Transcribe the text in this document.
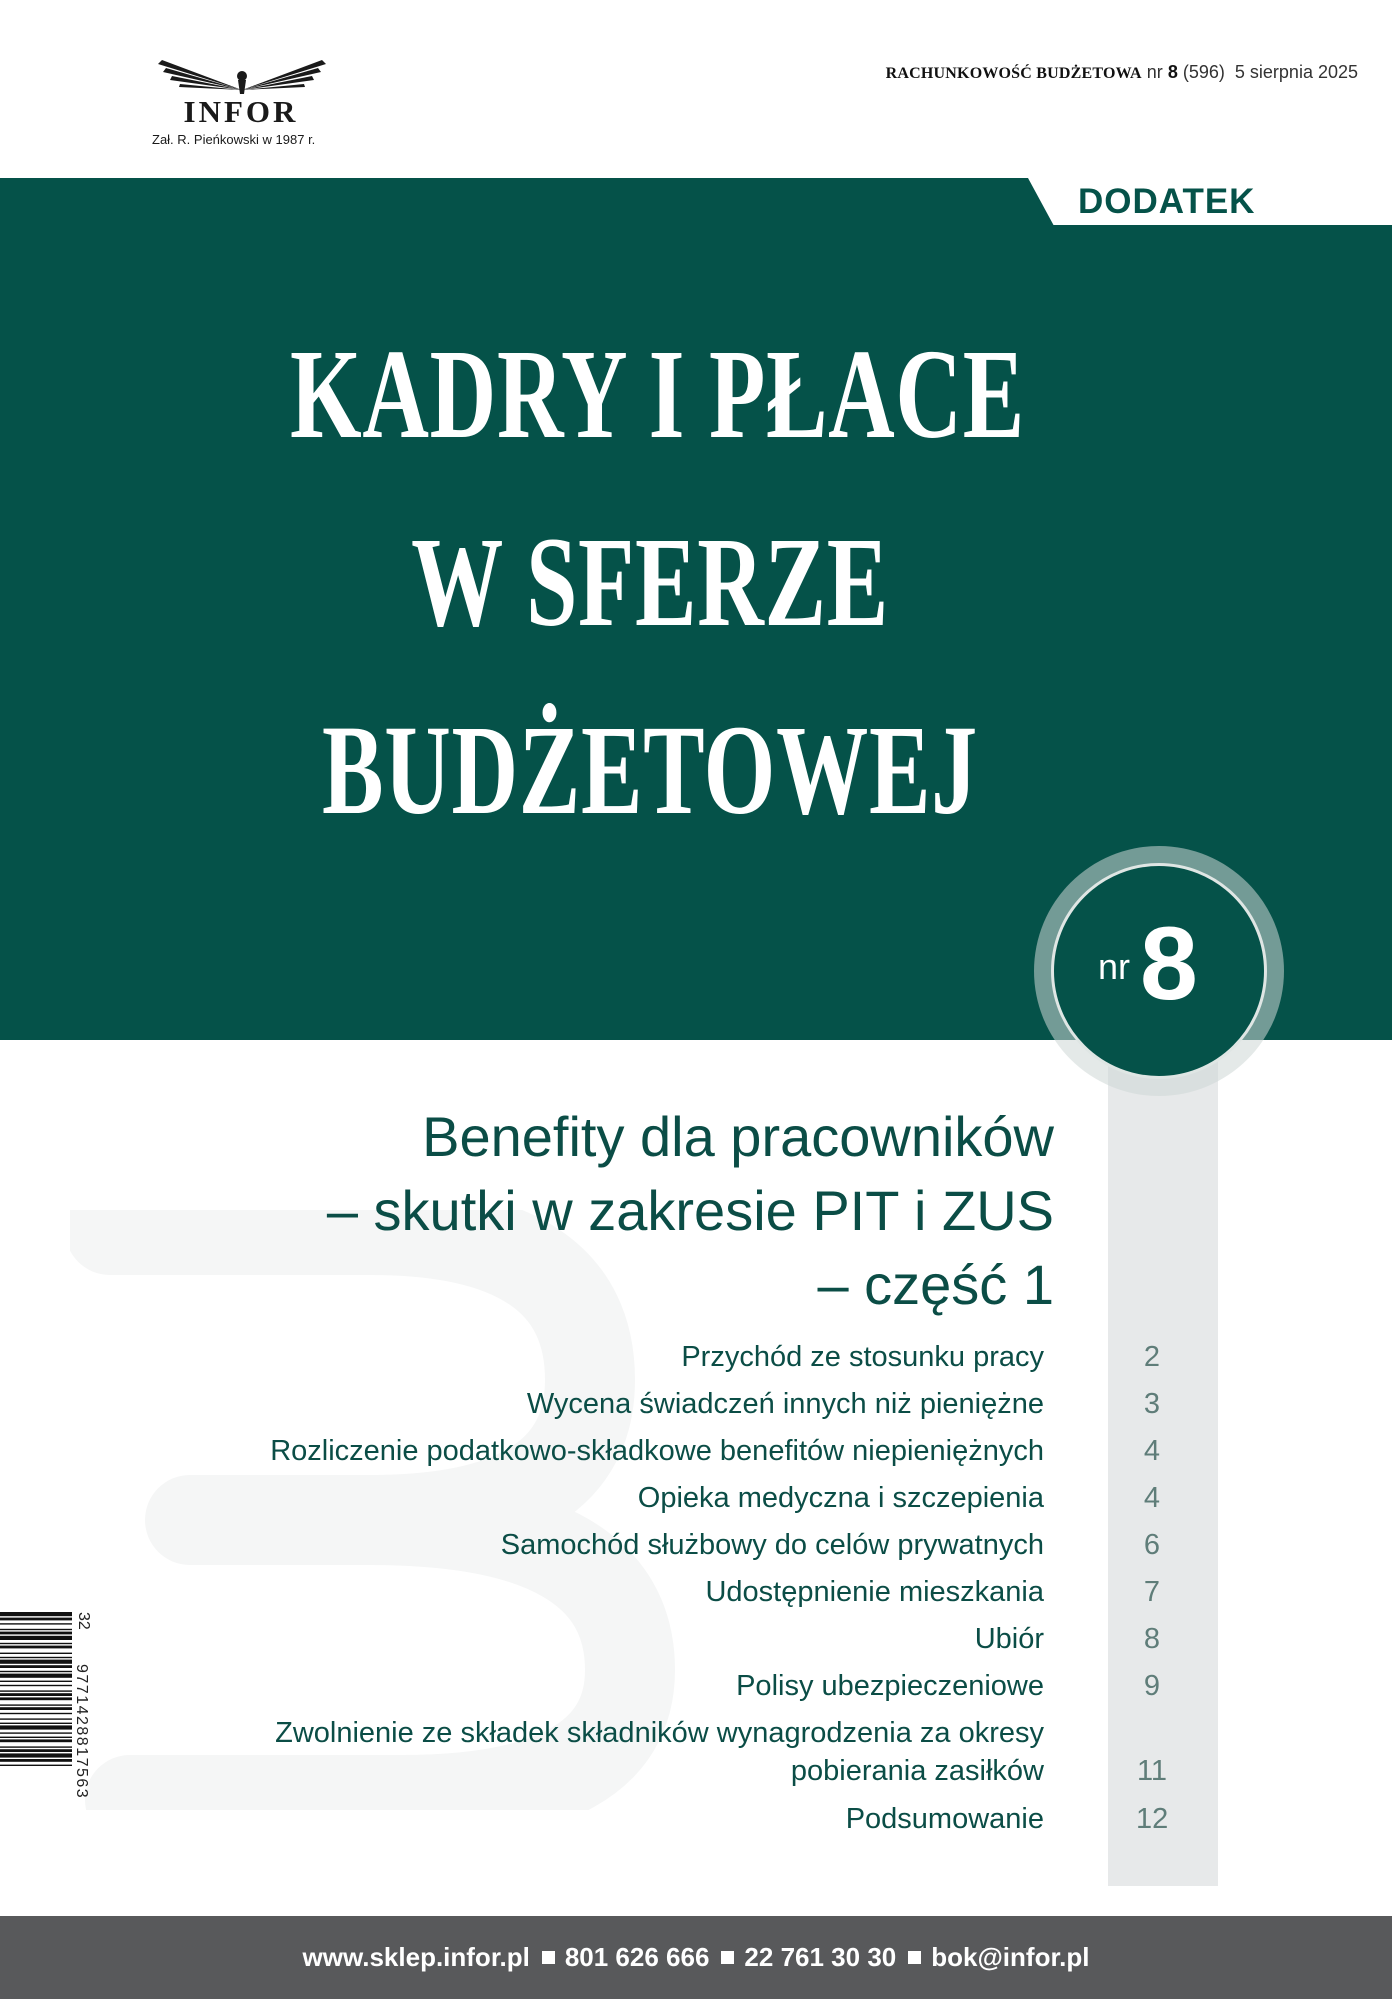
INFOR
Zał. R. Pieńkowski w 1987 r.
RACHUNKOWOŚĆ BUDŻETOWA nr 8 (596) 5 sierpnia 2025
DODATEK
KADRY I PŁACE
W SFERZE
BUDŻETOWEJ
nr 8
Benefity dla pracowników
– skutki w zakresie PIT i ZUS
– część 1
Przychód ze stosunku pracy	2
Wycena świadczeń innych niż pieniężne	3
Rozliczenie podatkowo-składkowe benefitów niepieniężnych	4
Opieka medyczna i szczepienia	4
Samochód służbowy do celów prywatnych	6
Udostępnienie mieszkania	7
Ubiór	8
Polisy ubezpieczeniowe	9
Zwolnienie ze składek składników wynagrodzenia za okresy
pobierania zasiłków	11
Podsumowanie	12
9771428817563
32
www.sklep.infor.pl 801 626 666 22 761 30 30 bok@infor.pl
